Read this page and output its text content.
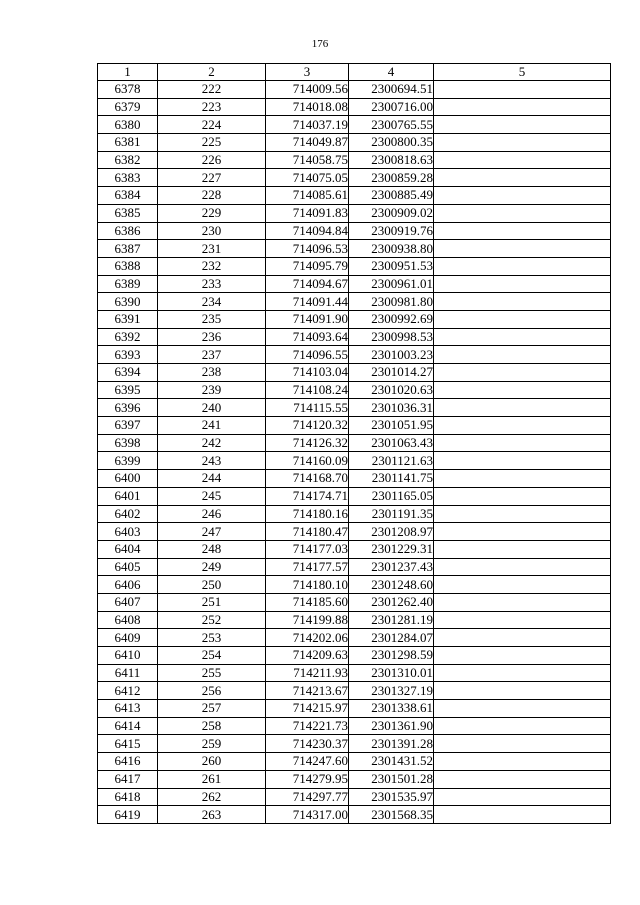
176
1	2	3	4	5
6378	222	714009.56	2300694.51	
6379	223	714018.08	2300716.00	
6380	224	714037.19	2300765.55	
6381	225	714049.87	2300800.35	
6382	226	714058.75	2300818.63	
6383	227	714075.05	2300859.28	
6384	228	714085.61	2300885.49	
6385	229	714091.83	2300909.02	
6386	230	714094.84	2300919.76	
6387	231	714096.53	2300938.80	
6388	232	714095.79	2300951.53	
6389	233	714094.67	2300961.01	
6390	234	714091.44	2300981.80	
6391	235	714091.90	2300992.69	
6392	236	714093.64	2300998.53	
6393	237	714096.55	2301003.23	
6394	238	714103.04	2301014.27	
6395	239	714108.24	2301020.63	
6396	240	714115.55	2301036.31	
6397	241	714120.32	2301051.95	
6398	242	714126.32	2301063.43	
6399	243	714160.09	2301121.63	
6400	244	714168.70	2301141.75	
6401	245	714174.71	2301165.05	
6402	246	714180.16	2301191.35	
6403	247	714180.47	2301208.97	
6404	248	714177.03	2301229.31	
6405	249	714177.57	2301237.43	
6406	250	714180.10	2301248.60	
6407	251	714185.60	2301262.40	
6408	252	714199.88	2301281.19	
6409	253	714202.06	2301284.07	
6410	254	714209.63	2301298.59	
6411	255	714211.93	2301310.01	
6412	256	714213.67	2301327.19	
6413	257	714215.97	2301338.61	
6414	258	714221.73	2301361.90	
6415	259	714230.37	2301391.28	
6416	260	714247.60	2301431.52	
6417	261	714279.95	2301501.28	
6418	262	714297.77	2301535.97	
6419	263	714317.00	2301568.35	
